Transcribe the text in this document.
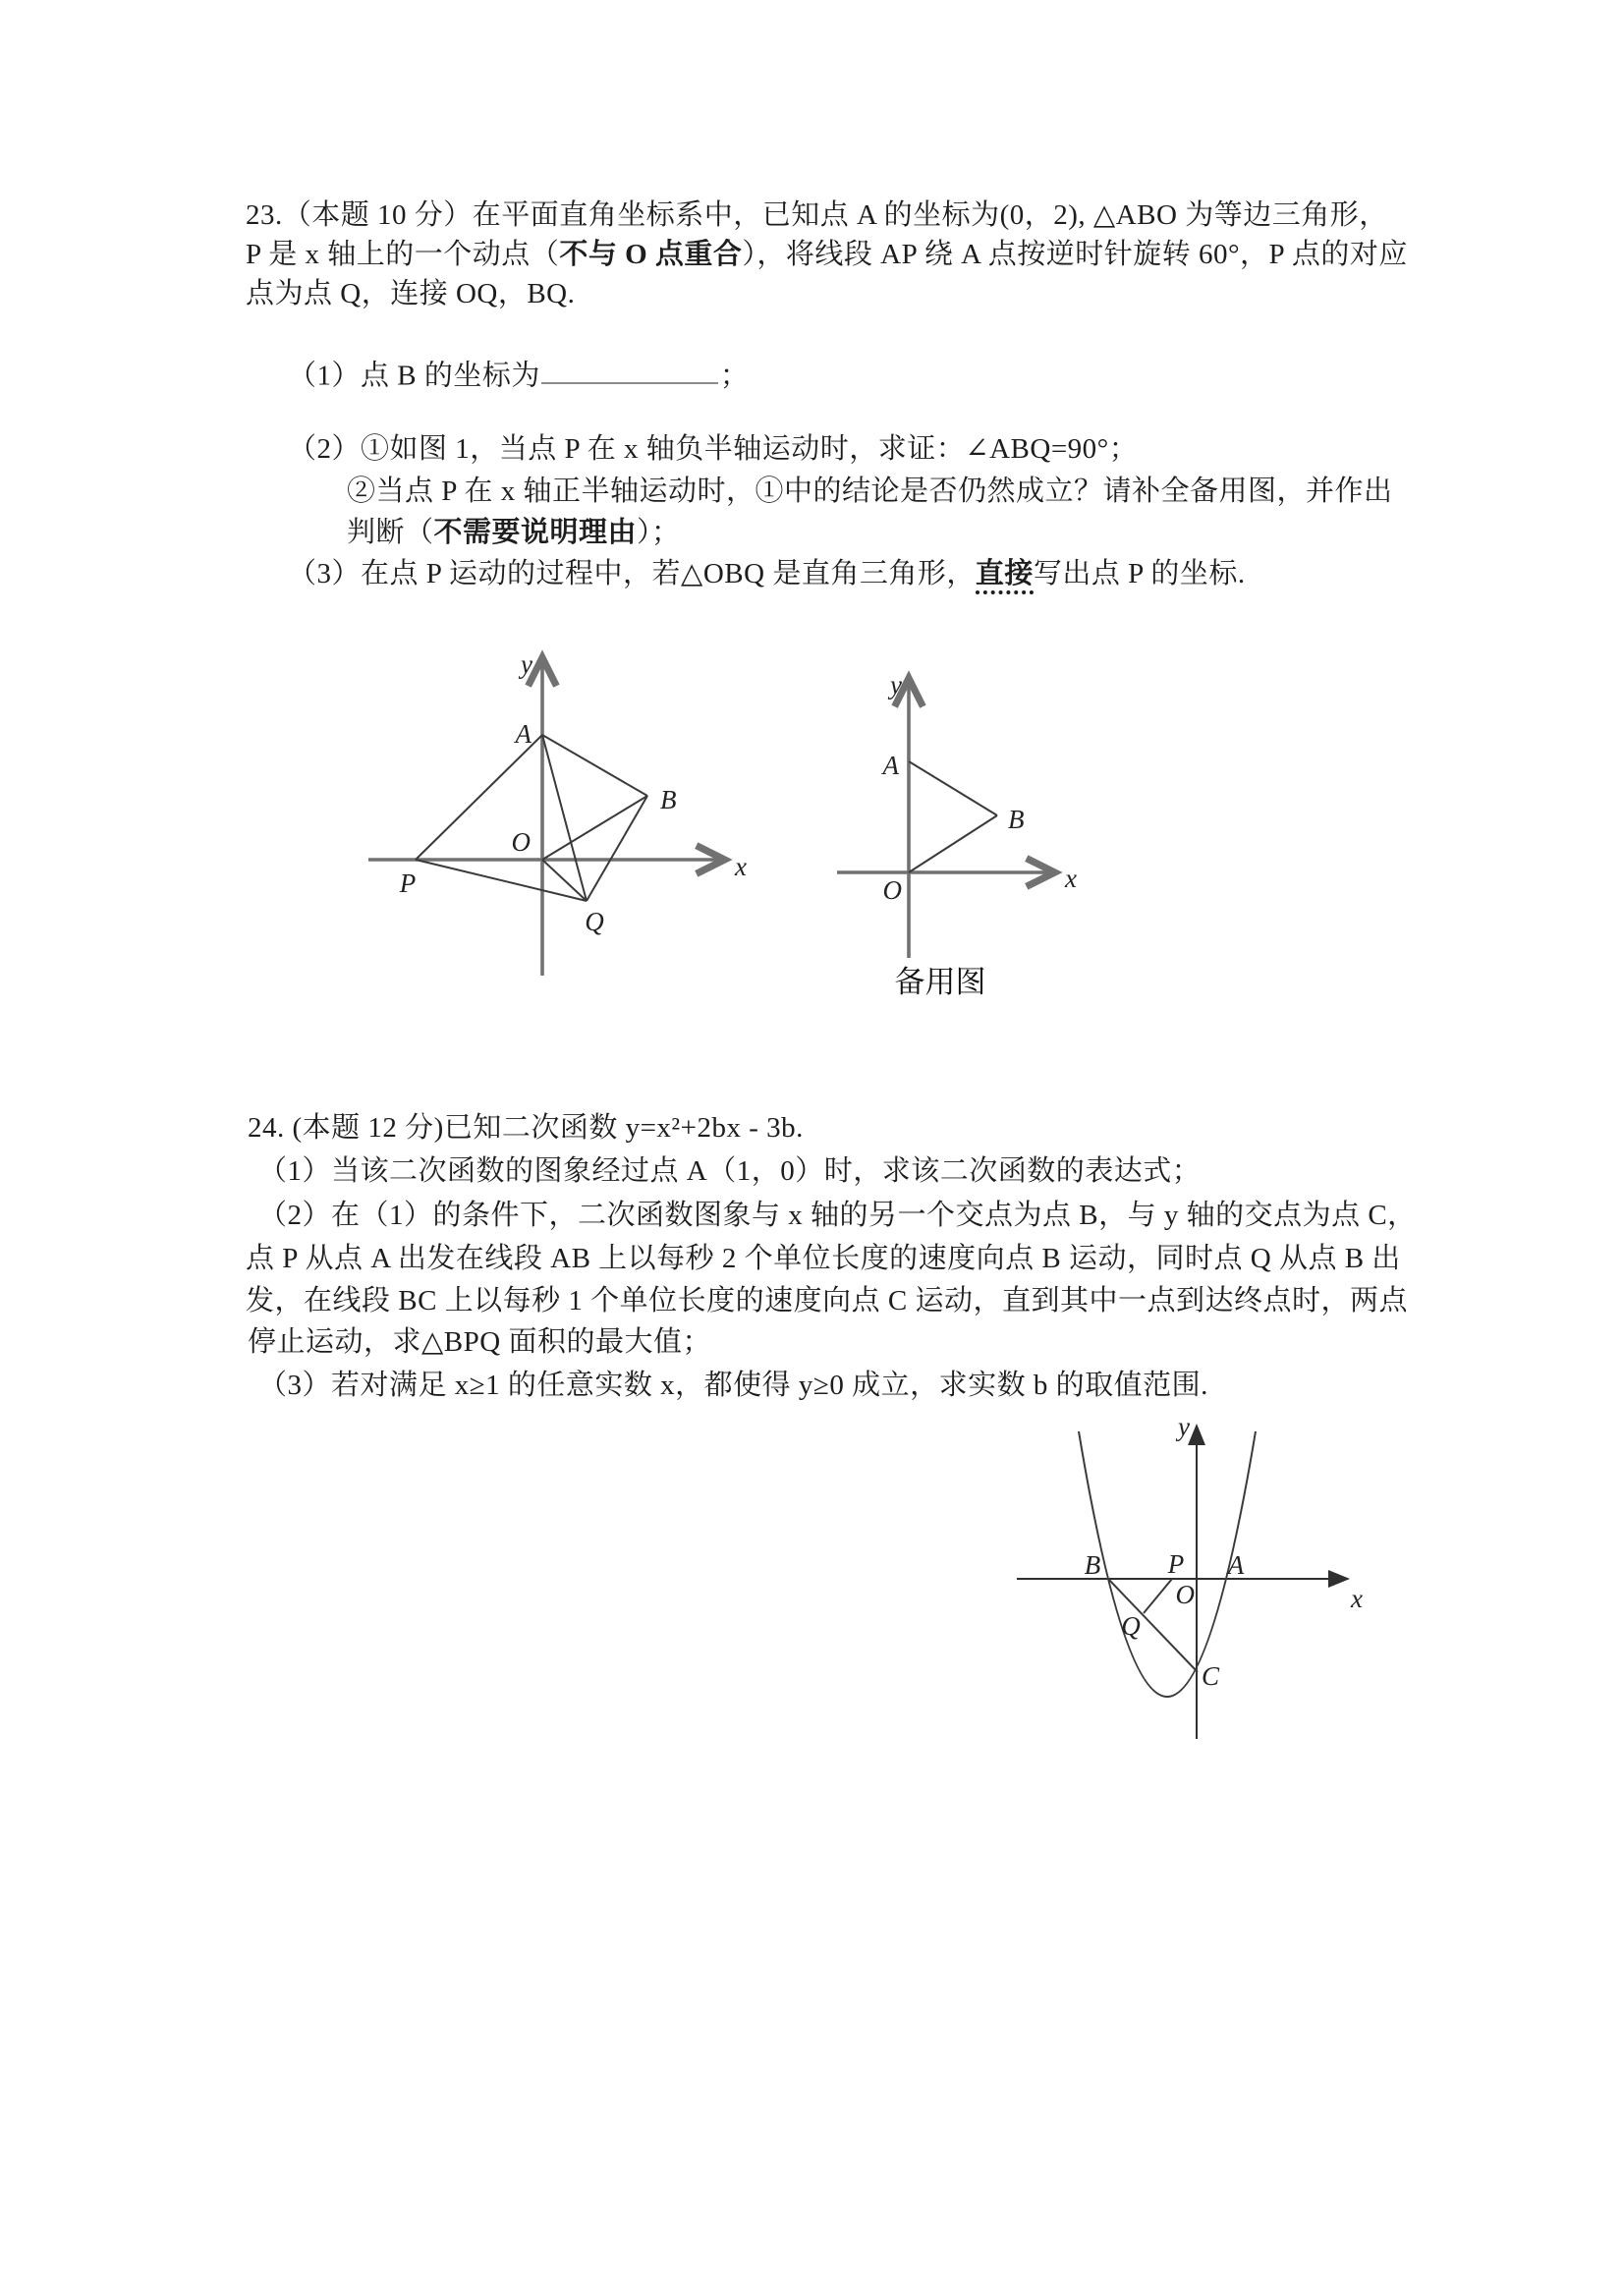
23.（本题 10 分）在平面直角坐标系中，已知点 A 的坐标为(0，2), △ABO 为等边三角形，
P 是 x 轴上的一个动点（不与 O 点重合），将线段 AP 绕 A 点按逆时针旋转 60°，P 点的对应
点为点 Q，连接 OQ，BQ.
（1）点 B 的坐标为	；
（2）①如图 1，当点 P 在 x 轴负半轴运动时，求证：∠ABQ=90°；
②当点 P 在 x 轴正半轴运动时，①中的结论是否仍然成立？请补全备用图，并作出
判断（不需要说明理由）；
（3）在点 P 运动的过程中，若△OBQ 是直角三角形，直接写出点 P 的坐标.
y
x
A
B
O
P
Q
y
x
A
B
O
备用图
24. (本题 12 分)已知二次函数 y=x²+2bx - 3b.
（1）当该二次函数的图象经过点 A（1，0）时，求该二次函数的表达式；
（2）在（1）的条件下，二次函数图象与 x 轴的另一个交点为点 B，与 y 轴的交点为点 C，
点 P 从点 A 出发在线段 AB 上以每秒 2 个单位长度的速度向点 B 运动，同时点 Q 从点 B 出
发，在线段 BC 上以每秒 1 个单位长度的速度向点 C 运动，直到其中一点到达终点时，两点
停止运动，求△BPQ 面积的最大值；
（3）若对满足 x≥1 的任意实数 x，都使得 y≥0 成立，求实数 b 的取值范围.
y
x
B	P A
O
Q
C
